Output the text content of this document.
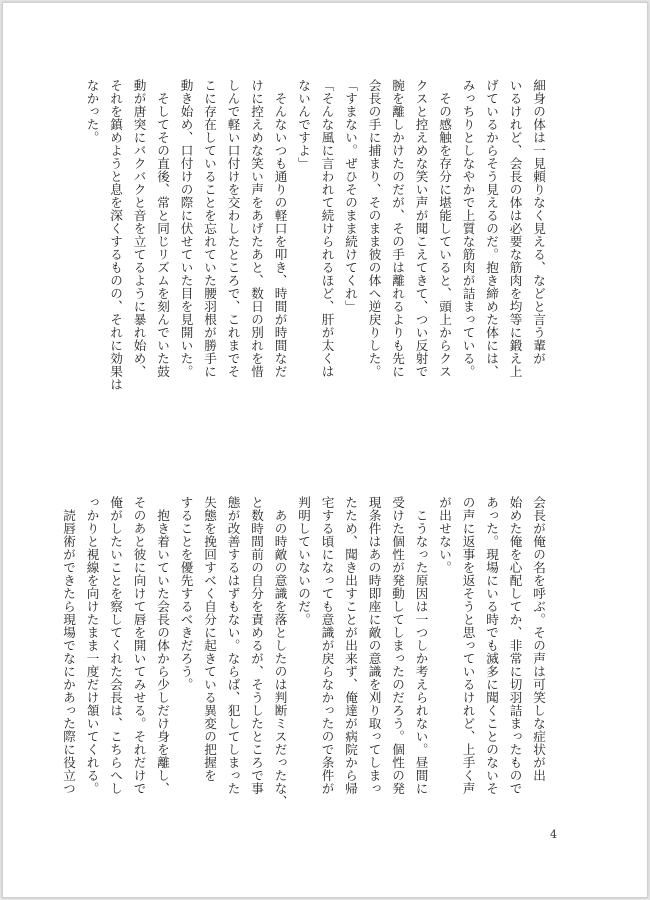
細身の体は一見頼りなく見える、などと言う輩が
いるけれど、会長の体は必要な筋肉を均等に鍛え上
げているからそう見えるのだ。抱き締めた体には、
みっちりとしなやかで上質な筋肉が詰まっている。
　その感触を存分に堪能していると、頭上からクス
クスと控えめな笑い声が聞こえてきて、つい反射で
腕を離しかけたのだが、その手は離れるよりも先に
会長の手に捕まり、そのまま彼の体へ逆戻りした。
「すまない。ぜひそのまま続けてくれ」
「そんな風に言われて続けられるほど、肝が太くは
ないんですよ」
　そんないつも通りの軽口を叩き、時間が時間なだ
けに控えめな笑い声をあげたあと、数日の別れを惜
しんで軽い口付けを交わしたところで、これまでそ
こに存在していることを忘れていた腰羽根が勝手に
動き始め、口付けの際に伏せていた目を見開いた。
　そしてその直後、常と同じリズムを刻んでいた鼓
動が唐突にバクバクと音を立てるように暴れ始め、
それを鎮めようと息を深くするものの、それに効果は
なかった。
会長が俺の名を呼ぶ。その声は可笑しな症状が出
始めた俺を心配してか、非常に切羽詰まったもので
あった。現場にいる時でも滅多に聞くことのないそ
の声に返事を返そうと思っているけれど、上手く声
が出せない。
　こうなった原因は一つしか考えられない。昼間に
受けた個性が発動してしまったのだろう。個性の発
現条件はあの時即座に敵の意識を刈り取ってしまっ
たため、聞き出すことが出来ず、俺達が病院から帰
宅する頃になっても意識が戻らなかったので条件が
判明していないのだ。
　あの時敵の意識を落としたのは判断ミスだったな、
と数時間前の自分を責めるが、そうしたところで事
態が改善するはずもない。ならば、犯してしまった
失態を挽回すべく自分に起きている異変の把握を
することを優先するべきだろう。
　抱き着いていた会長の体から少しだけ身を離し、
そのあと彼に向けて唇を開いてみせる。それだけで
俺がしたいことを察してくれた会長は、こちらへし
っかりと視線を向けたまま一度だけ頷いてくれる。
　読唇術ができたら現場でなにかあった際に役立つ
4
